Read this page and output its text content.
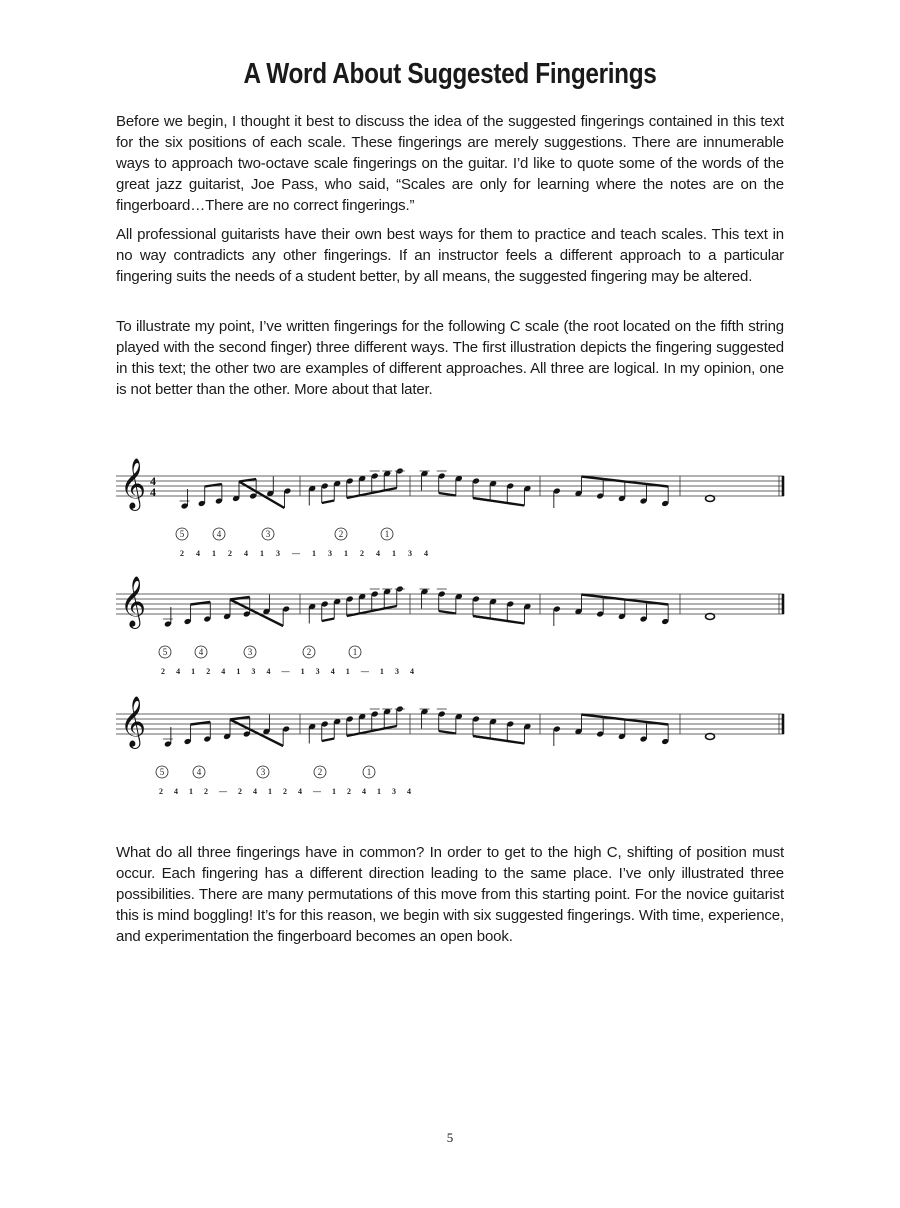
A Word About Suggested Fingerings

Before we begin, I thought it best to discuss the idea of the suggested fingerings contained in this text for the six positions of each scale. These fingerings are merely suggestions. There are innumerable ways to approach two-octave scale fingerings on the guitar. I’d like to quote some of the words of the great jazz guitarist, Joe Pass, who said, “Scales are only for learning where the notes are on the fingerboard…There are no correct fingerings.”

All professional guitarists have their own best ways for them to practice and teach scales. This text in no way contradicts any other fingerings. If an instructor feels a different approach to a particular fingering suits the needs of a student better, by all means, the suggested fingering may be altered.

To illustrate my point, I’ve written fingerings for the following C scale (the root located on the fifth string played with the second finger) three different ways. The first illustration depicts the fingering suggested in this text; the other two are examples of different approaches. All three are logical. In my opinion, one is not better than the other. More about that later.

𝄞 4
4
5	4	3	2	1
2 4 1 2 4 1 3 — 1 3 1 2 4 1 3 4
𝄞
5	4	3	2	1
2 4 1 2 4 1 3 4 — 1 3 4 1 — 1 3 4
𝄞
5	4	3	2	1
2 4 1 2 — 2 4 1 2 4 — 1 2 4 1 3 4

What do all three fingerings have in common? In order to get to the high C, shifting of position must occur. Each fingering has a different direction leading to the same place. I’ve only illustrated three possibilities. There are many permutations of this move from this starting point. For the novice guitarist this is mind boggling! It’s for this reason, we begin with six suggested fingerings. With time, experience, and experimentation the fingerboard becomes an open book.

5
